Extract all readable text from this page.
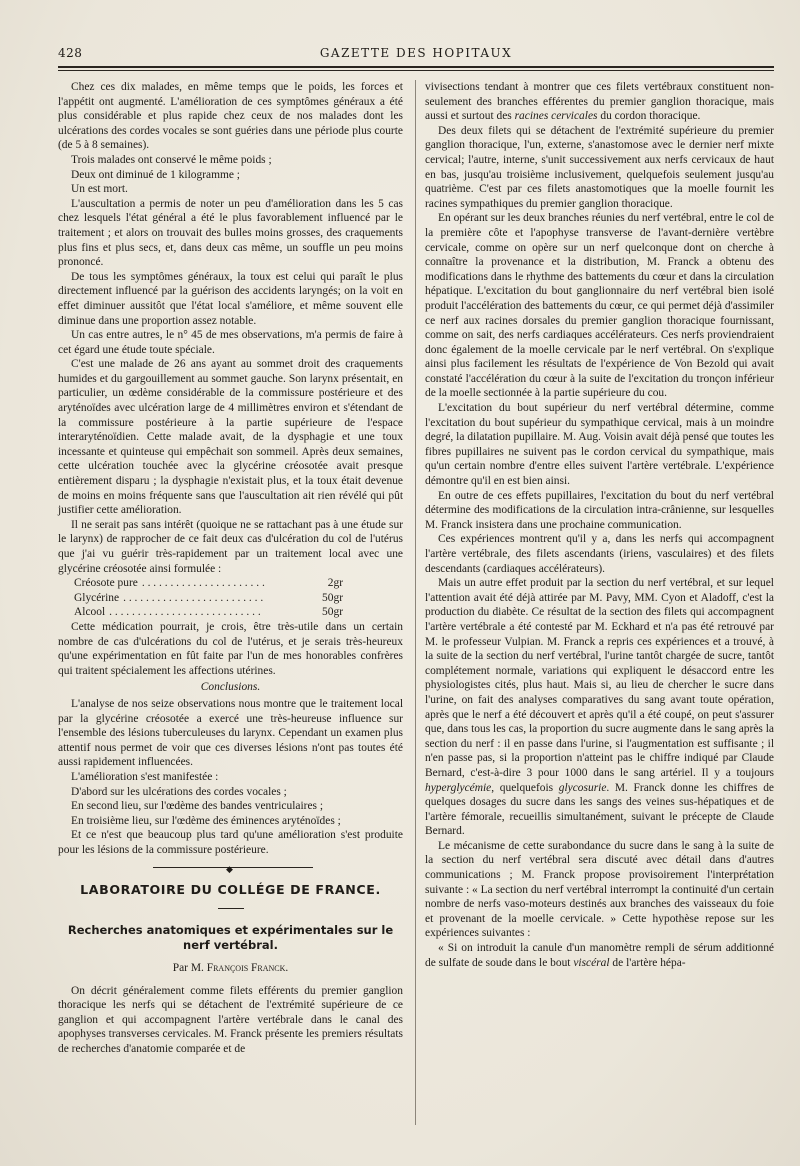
428	GAZETTE DES HOPITAUX

Chez ces dix malades, en même temps que le poids, les forces et l'appétit ont augmenté. L'amélioration de ces symptômes généraux a été plus considérable et plus rapide chez ceux de nos malades dont les ulcérations des cordes vocales se sont guéries dans une période plus courte (de 5 à 8 semaines).

Trois malades ont conservé le même poids ;

Deux ont diminué de 1 kilogramme ;

Un est mort.

L'auscultation a permis de noter un peu d'amélioration dans les 5 cas chez lesquels l'état général a été le plus favorablement influencé par le traitement ; et alors on trouvait des bulles moins grosses, des craquements plus fins et plus secs, et, dans deux cas même, un souffle un peu moins prononcé.

De tous les symptômes généraux, la toux est celui qui paraît le plus directement influencé par la guérison des accidents laryngés; on la voit en effet diminuer aussitôt que l'état local s'améliore, et même souvent elle diminue dans une proportion assez notable.

Un cas entre autres, le n° 45 de mes observations, m'a permis de faire à cet égard une étude toute spéciale.

C'est une malade de 26 ans ayant au sommet droit des craquements humides et du gargouillement au sommet gauche. Son larynx présentait, en particulier, un œdème considérable de la commissure postérieure et des aryténoïdes avec ulcération large de 4 millimètres environ et s'étendant de la commissure postérieure à la partie supérieure de l'espace interaryténoïdien. Cette malade avait, de la dysphagie et une toux incessante et quinteuse qui empêchait son sommeil. Après deux semaines, cette ulcération touchée avec la glycérine créosotée avait presque entièrement disparu ; la dysphagie n'existait plus, et la toux était devenue de moins en moins fréquente sans que l'auscultation ait rien révélé qui pût justifier cette amélioration.

Il ne serait pas sans intérêt (quoique ne se rattachant pas à une étude sur le larynx) de rapprocher de ce fait deux cas d'ulcération du col de l'utérus que j'ai vu guérir très-rapidement par un traitement local avec une glycérine créosotée ainsi formulée :

Créosote pure . . . . . . . . . . . . . . . . . . . . . .	2gr
Glycérine . . . . . . . . . . . . . . . . . . . . . . . . .	50gr
Alcool . . . . . . . . . . . . . . . . . . . . . . . . . . .	50gr

Cette médication pourrait, je crois, être très-utile dans un certain nombre de cas d'ulcérations du col de l'utérus, et je serais très-heureux qu'une expérimentation en fût faite par l'un de mes honorables confrères qui traitent spécialement les affections utérines.

Conclusions.

L'analyse de nos seize observations nous montre que le traitement local par la glycérine créosotée a exercé une très-heureuse influence sur l'ensemble des lésions tuberculeuses du larynx. Cependant un examen plus attentif nous permet de voir que ces diverses lésions n'ont pas toutes été aussi rapidement influencées.

L'amélioration s'est manifestée :

D'abord sur les ulcérations des cordes vocales ;

En second lieu, sur l'œdème des bandes ventriculaires ;

En troisième lieu, sur l'œdème des éminences aryténoïdes ;

Et ce n'est que beaucoup plus tard qu'une amélioration s'est produite pour les lésions de la commissure postérieure.

◆

LABORATOIRE DU COLLÉGE DE FRANCE.

Recherches anatomiques et expérimentales sur le nerf vertébral.

Par M. François Franck.

On décrit généralement comme filets efférents du premier ganglion thoracique les nerfs qui se détachent de l'extrémité supérieure de ce ganglion et qui accompagnent l'artère vertébrale dans le canal des apophyses transverses cervicales. M. Franck présente les premiers résultats de recherches d'anatomie comparée et de

vivisections tendant à montrer que ces filets vertébraux constituent non-seulement des branches efférentes du premier ganglion thoracique, mais aussi et surtout des racines cervicales du cordon thoracique.

Des deux filets qui se détachent de l'extrémité supérieure du premier ganglion thoracique, l'un, externe, s'anastomose avec le dernier nerf mixte cervical; l'autre, interne, s'unit successivement aux nerfs cervicaux de haut en bas, jusqu'au troisième inclusivement, quelquefois seulement jusqu'au quatrième. C'est par ces filets anastomotiques que la moelle fournit les racines sympathiques du premier ganglion thoracique.

En opérant sur les deux branches réunies du nerf vertébral, entre le col de la première côte et l'apophyse transverse de l'avant-dernière vertèbre cervicale, comme on opère sur un nerf quelconque dont on cherche à connaître la provenance et la distribution, M. Franck a obtenu des modifications dans le rhythme des battements du cœur et dans la circulation hépatique. L'excitation du bout ganglionnaire du nerf vertébral bien isolé produit l'accélération des battements du cœur, ce qui permet déjà d'assimiler ce nerf aux racines dorsales du premier ganglion thoracique fournissant, comme on sait, des nerfs cardiaques accélérateurs. Ces nerfs proviendraient donc également de la moelle cervicale par le nerf vertébral. On s'explique ainsi plus facilement les résultats de l'expérience de Von Bezold qui avait constaté l'accélération du cœur à la suite de l'excitation du tronçon inférieur de la moelle sectionnée à la partie supérieure du cou.

L'excitation du bout supérieur du nerf vertébral détermine, comme l'excitation du bout supérieur du sympathique cervical, mais à un moindre degré, la dilatation pupillaire. M. Aug. Voisin avait déjà pensé que toutes les fibres pupillaires ne suivent pas le cordon cervical du sympathique, mais qu'un certain nombre d'entre elles suivent l'artère vertébrale. L'expérience démontre qu'il en est bien ainsi.

En outre de ces effets pupillaires, l'excitation du bout du nerf vertébral détermine des modifications de la circulation intra-crânienne, sur lesquelles M. Franck insistera dans une prochaine communication.

Ces expériences montrent qu'il y a, dans les nerfs qui accompagnent l'artère vertébrale, des filets ascendants (iriens, vasculaires) et des filets descendants (cardiaques accélérateurs).

Mais un autre effet produit par la section du nerf vertébral, et sur lequel l'attention avait été déjà attirée par M. Pavy, MM. Cyon et Aladoff, c'est la production du diabète. Ce résultat de la section des filets qui accompagnent l'artère vertébrale a été contesté par M. Eckhard et n'a pas été retrouvé par M. le professeur Vulpian. M. Franck a repris ces expériences et a trouvé, à la suite de la section du nerf vertébral, l'urine tantôt chargée de sucre, tantôt complétement normale, variations qui expliquent le désaccord entre les physiologistes cités, plus haut. Mais si, au lieu de chercher le sucre dans l'urine, on fait des analyses comparatives du sang avant toute opération, après que le nerf a été découvert et après qu'il a été coupé, on peut s'assurer que, dans tous les cas, la proportion du sucre augmente dans le sang après la section du nerf : il en passe dans l'urine, si l'augmentation est suffisante ; il n'en passe pas, si la proportion n'atteint pas le chiffre indiqué par Claude Bernard, c'est-à-dire 3 pour 1000 dans le sang artériel. Il y a toujours hyperglycémie, quelquefois glycosurie. M. Franck donne les chiffres de quelques dosages du sucre dans les sangs des veines sus-hépatiques et de l'artère fémorale, recueillis simultanément, suivant le précepte de Claude Bernard.

Le mécanisme de cette surabondance du sucre dans le sang à la suite de la section du nerf vertébral sera discuté avec détail dans d'autres communications ; M. Franck propose provisoirement l'interprétation suivante : « La section du nerf vertébral interrompt la continuité d'un certain nombre de nerfs vaso-moteurs destinés aux branches des vaisseaux du foie et provenant de la moelle cervicale. » Cette hypothèse repose sur les expériences suivantes :

« Si on introduit la canule d'un manomètre rempli de sérum additionné de sulfate de soude dans le bout viscéral de l'artère hépa-
